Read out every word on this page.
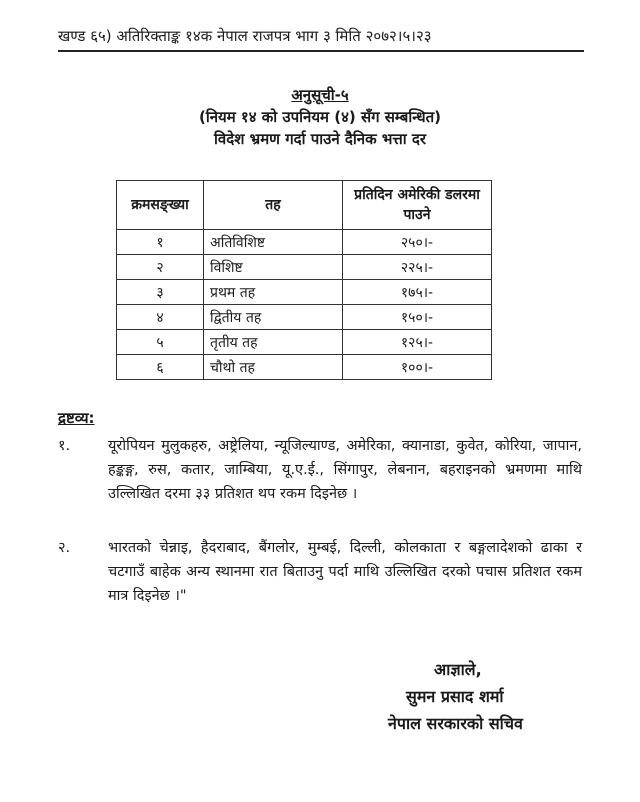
खण्ड ६५) अतिरिक्ताङ्क १४क नेपाल राजपत्र भाग ३ मिति २०७२।५।२३
अनुसूची-५
(नियम १४ को उपनियम (४) सँग सम्बन्धित)
विदेश भ्रमण गर्दा पाउने दैनिक भत्ता दर
क्रमसङ्ख्या	तह	प्रतिदिन अमेरिकी डलरमा पाउने
१	अतिविशिष्ट	२५०।-
२	विशिष्ट	२२५।-
३	प्रथम तह	१७५।-
४	द्वितीय तह	१५०।-
५	तृतीय तह	१२५।-
६	चौथो तह	१००।-
द्रष्टव्य:
१.	यूरोपियन मुलुकहरु, अष्ट्रेलिया, न्यूजिल्याण्ड, अमेरिका, क्यानाडा, कुवेत, कोरिया, जापान, हङ्कङ्ग, रुस, कतार, जाम्बिया, यू.ए.ई., सिंगापुर, लेबनान, बहराइनको भ्रमणमा माथि उल्लिखित दरमा ३३ प्रतिशत थप रकम दिइनेछ ।
२.	भारतको चेन्नाइ, हैदराबाद, बैंगलोर, मुम्बई, दिल्ली, कोलकाता र बङ्गलादेशको ढाका र चटगाउँ बाहेक अन्य स्थानमा रात बिताउनु पर्दा माथि उल्लिखित दरको पचास प्रतिशत रकम मात्र दिइनेछ ।"
आज्ञाले,
सुमन प्रसाद शर्मा
नेपाल सरकारको सचिव
